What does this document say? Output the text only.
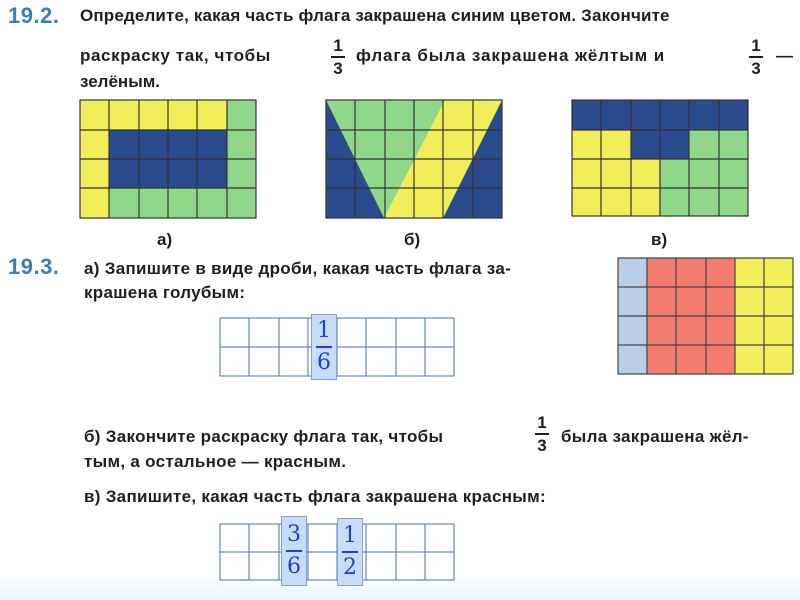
19.2. Определите, какая часть флага закрашена синим цветом. Закончите
раскраску так, чтобы
1
3
флага была закрашена жёлтым и
1
3
—
зелёным.
а)	б)	в)
19.3. а) Запишите в виде дроби, какая часть флага за-
крашена голубым:
1
6
б) Закончите раскраску флага так, чтобы
1
3 была закрашена жёл-
тым, а остальное — красным.
в) Запишите, какая часть флага закрашена красным:
3
6
1
2
